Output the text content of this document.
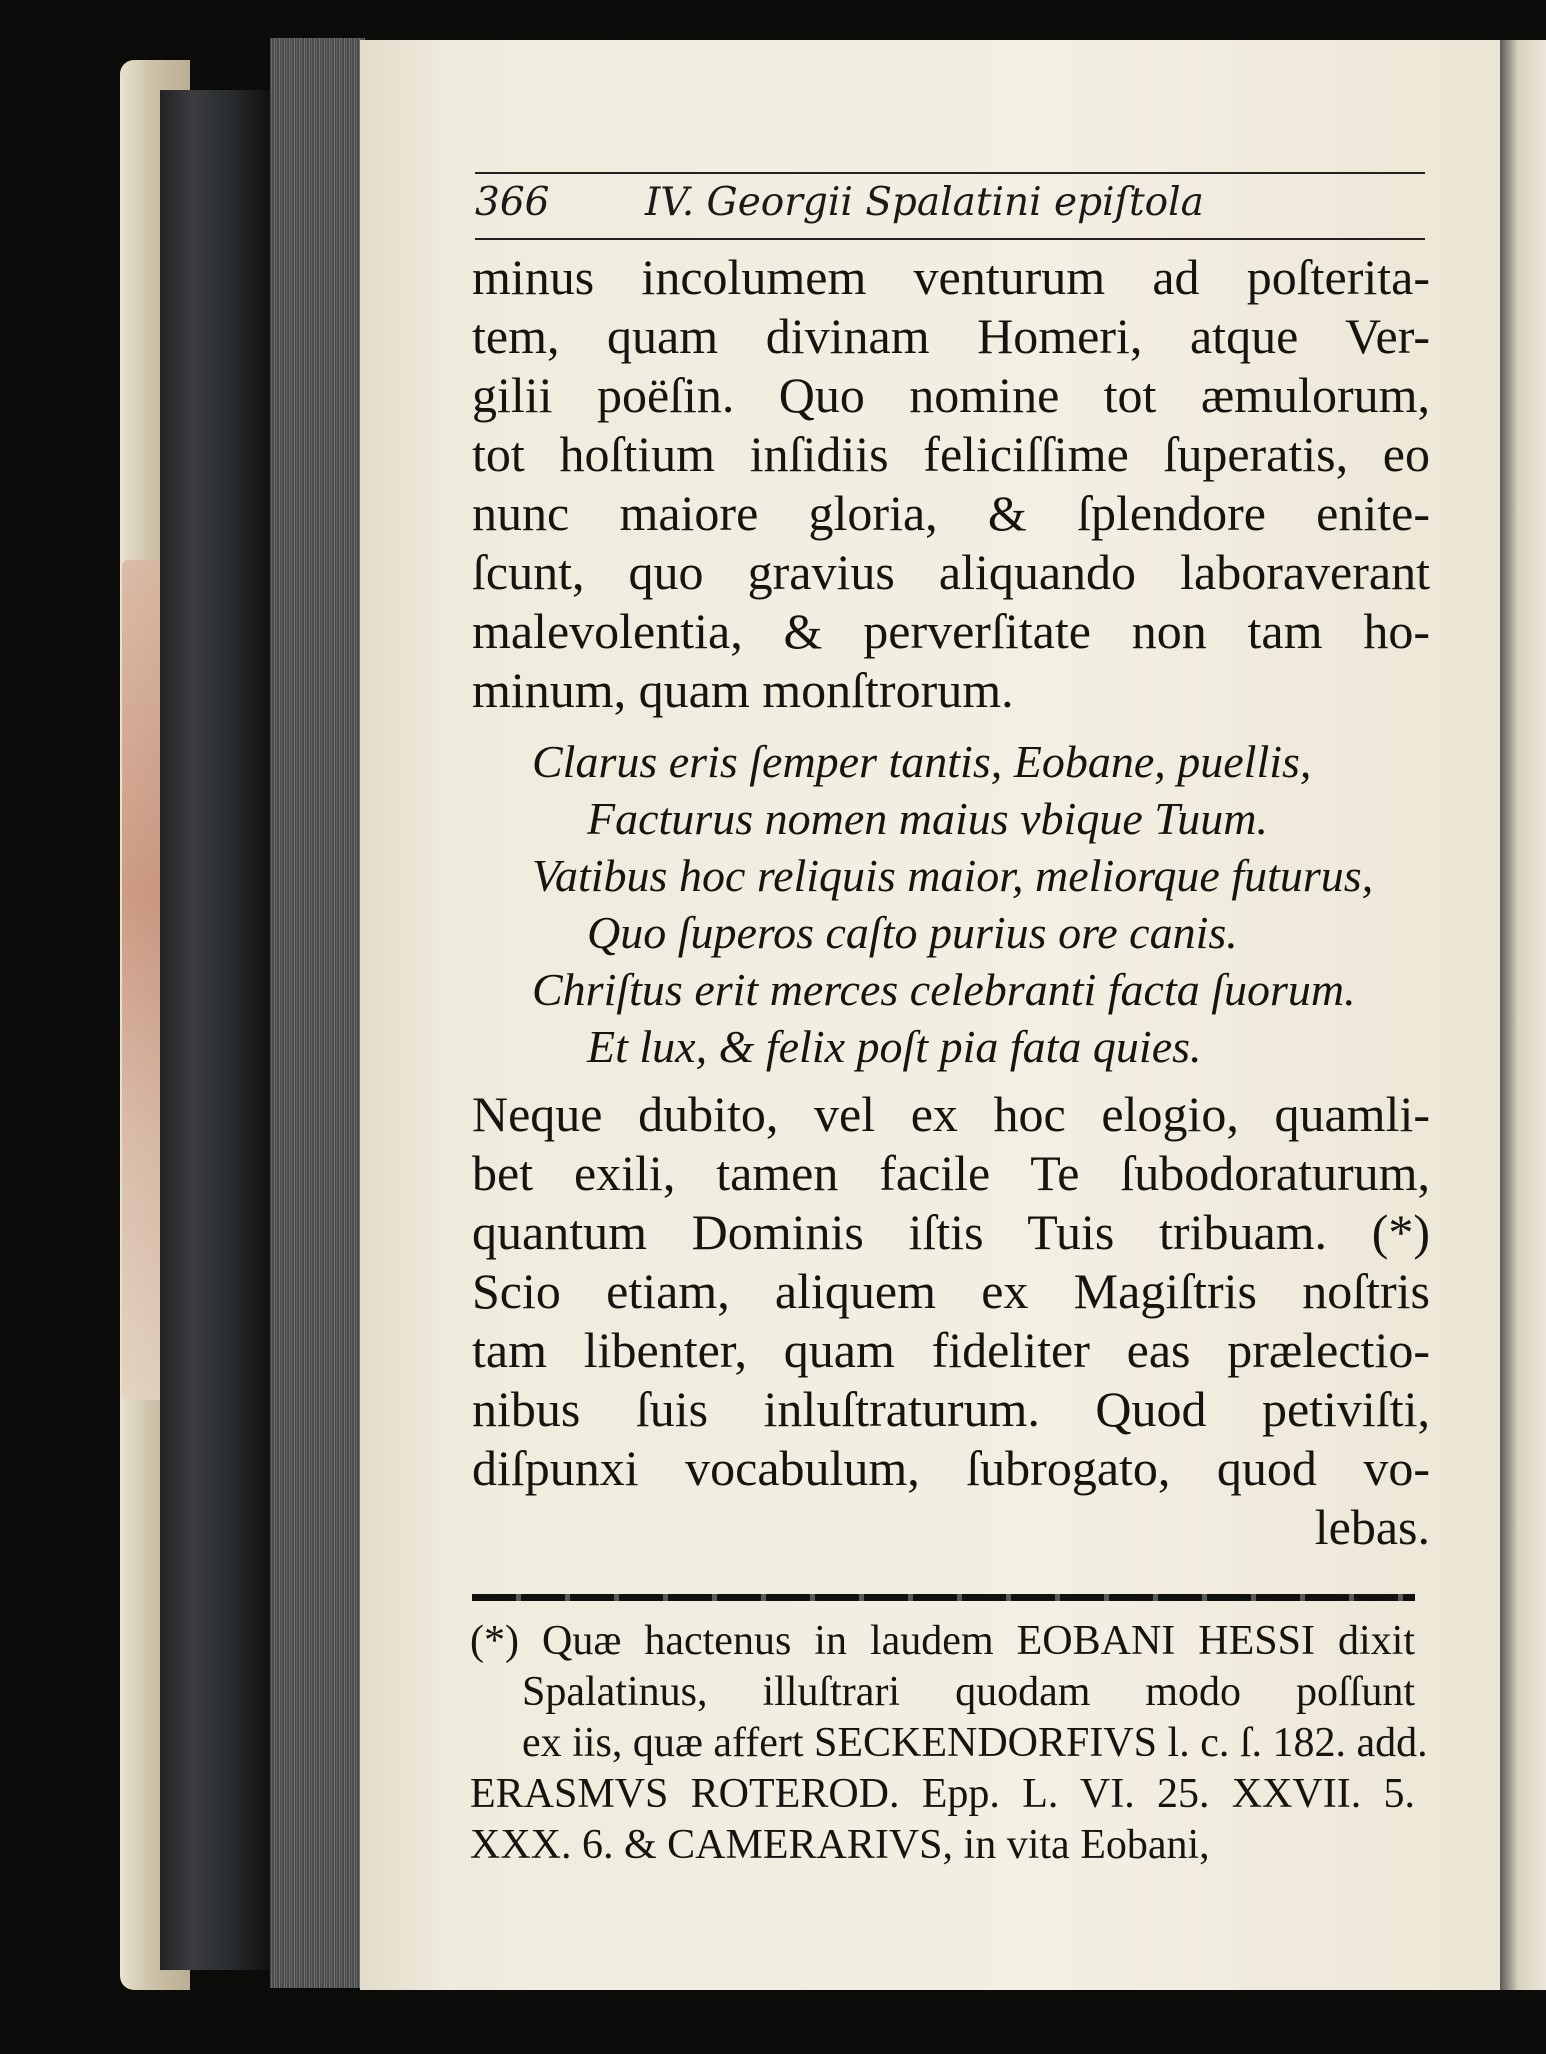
366 IV. Georgii Spalatini epiſtola
minus incolumem venturum ad poſterita-
tem, quam divinam Homeri, atque Ver-
gilii poëſin. Quo nomine tot æmulorum,
tot hoſtium inſidiis feliciſſime ſuperatis, eo
nunc maiore gloria, & ſplendore enite-
ſcunt, quo gravius aliquando laboraverant
malevolentia, & perverſitate non tam ho-
minum, quam monſtrorum.
Clarus eris ſemper tantis, Eobane, puellis,
Facturus nomen maius vbique Tuum.
Vatibus hoc reliquis maior, meliorque futurus,
Quo ſuperos caſto purius ore canis.
Chriſtus erit merces celebranti facta ſuorum.
Et lux, & felix poſt pia fata quies.
Neque dubito, vel ex hoc elogio, quamli-
bet exili, tamen facile Te ſubodoraturum,
quantum Dominis iſtis Tuis tribuam. (*)
Scio etiam, aliquem ex Magiſtris noſtris
tam libenter, quam fideliter eas prælectio-
nibus ſuis inluſtraturum. Quod petiviſti,
diſpunxi vocabulum, ſubrogato, quod vo-
lebas.
(*) Quæ hactenus in laudem EOBANI HESSI dixit
Spalatinus, illuſtrari quodam modo poſſunt
ex iis, quæ affert SECKENDORFIVS l. c. ſ. 182. add.
ERASMVS ROTEROD. Epp. L. VI. 25. XXVII. 5.
XXX. 6. & CAMERARIVS, in vita Eobani,
